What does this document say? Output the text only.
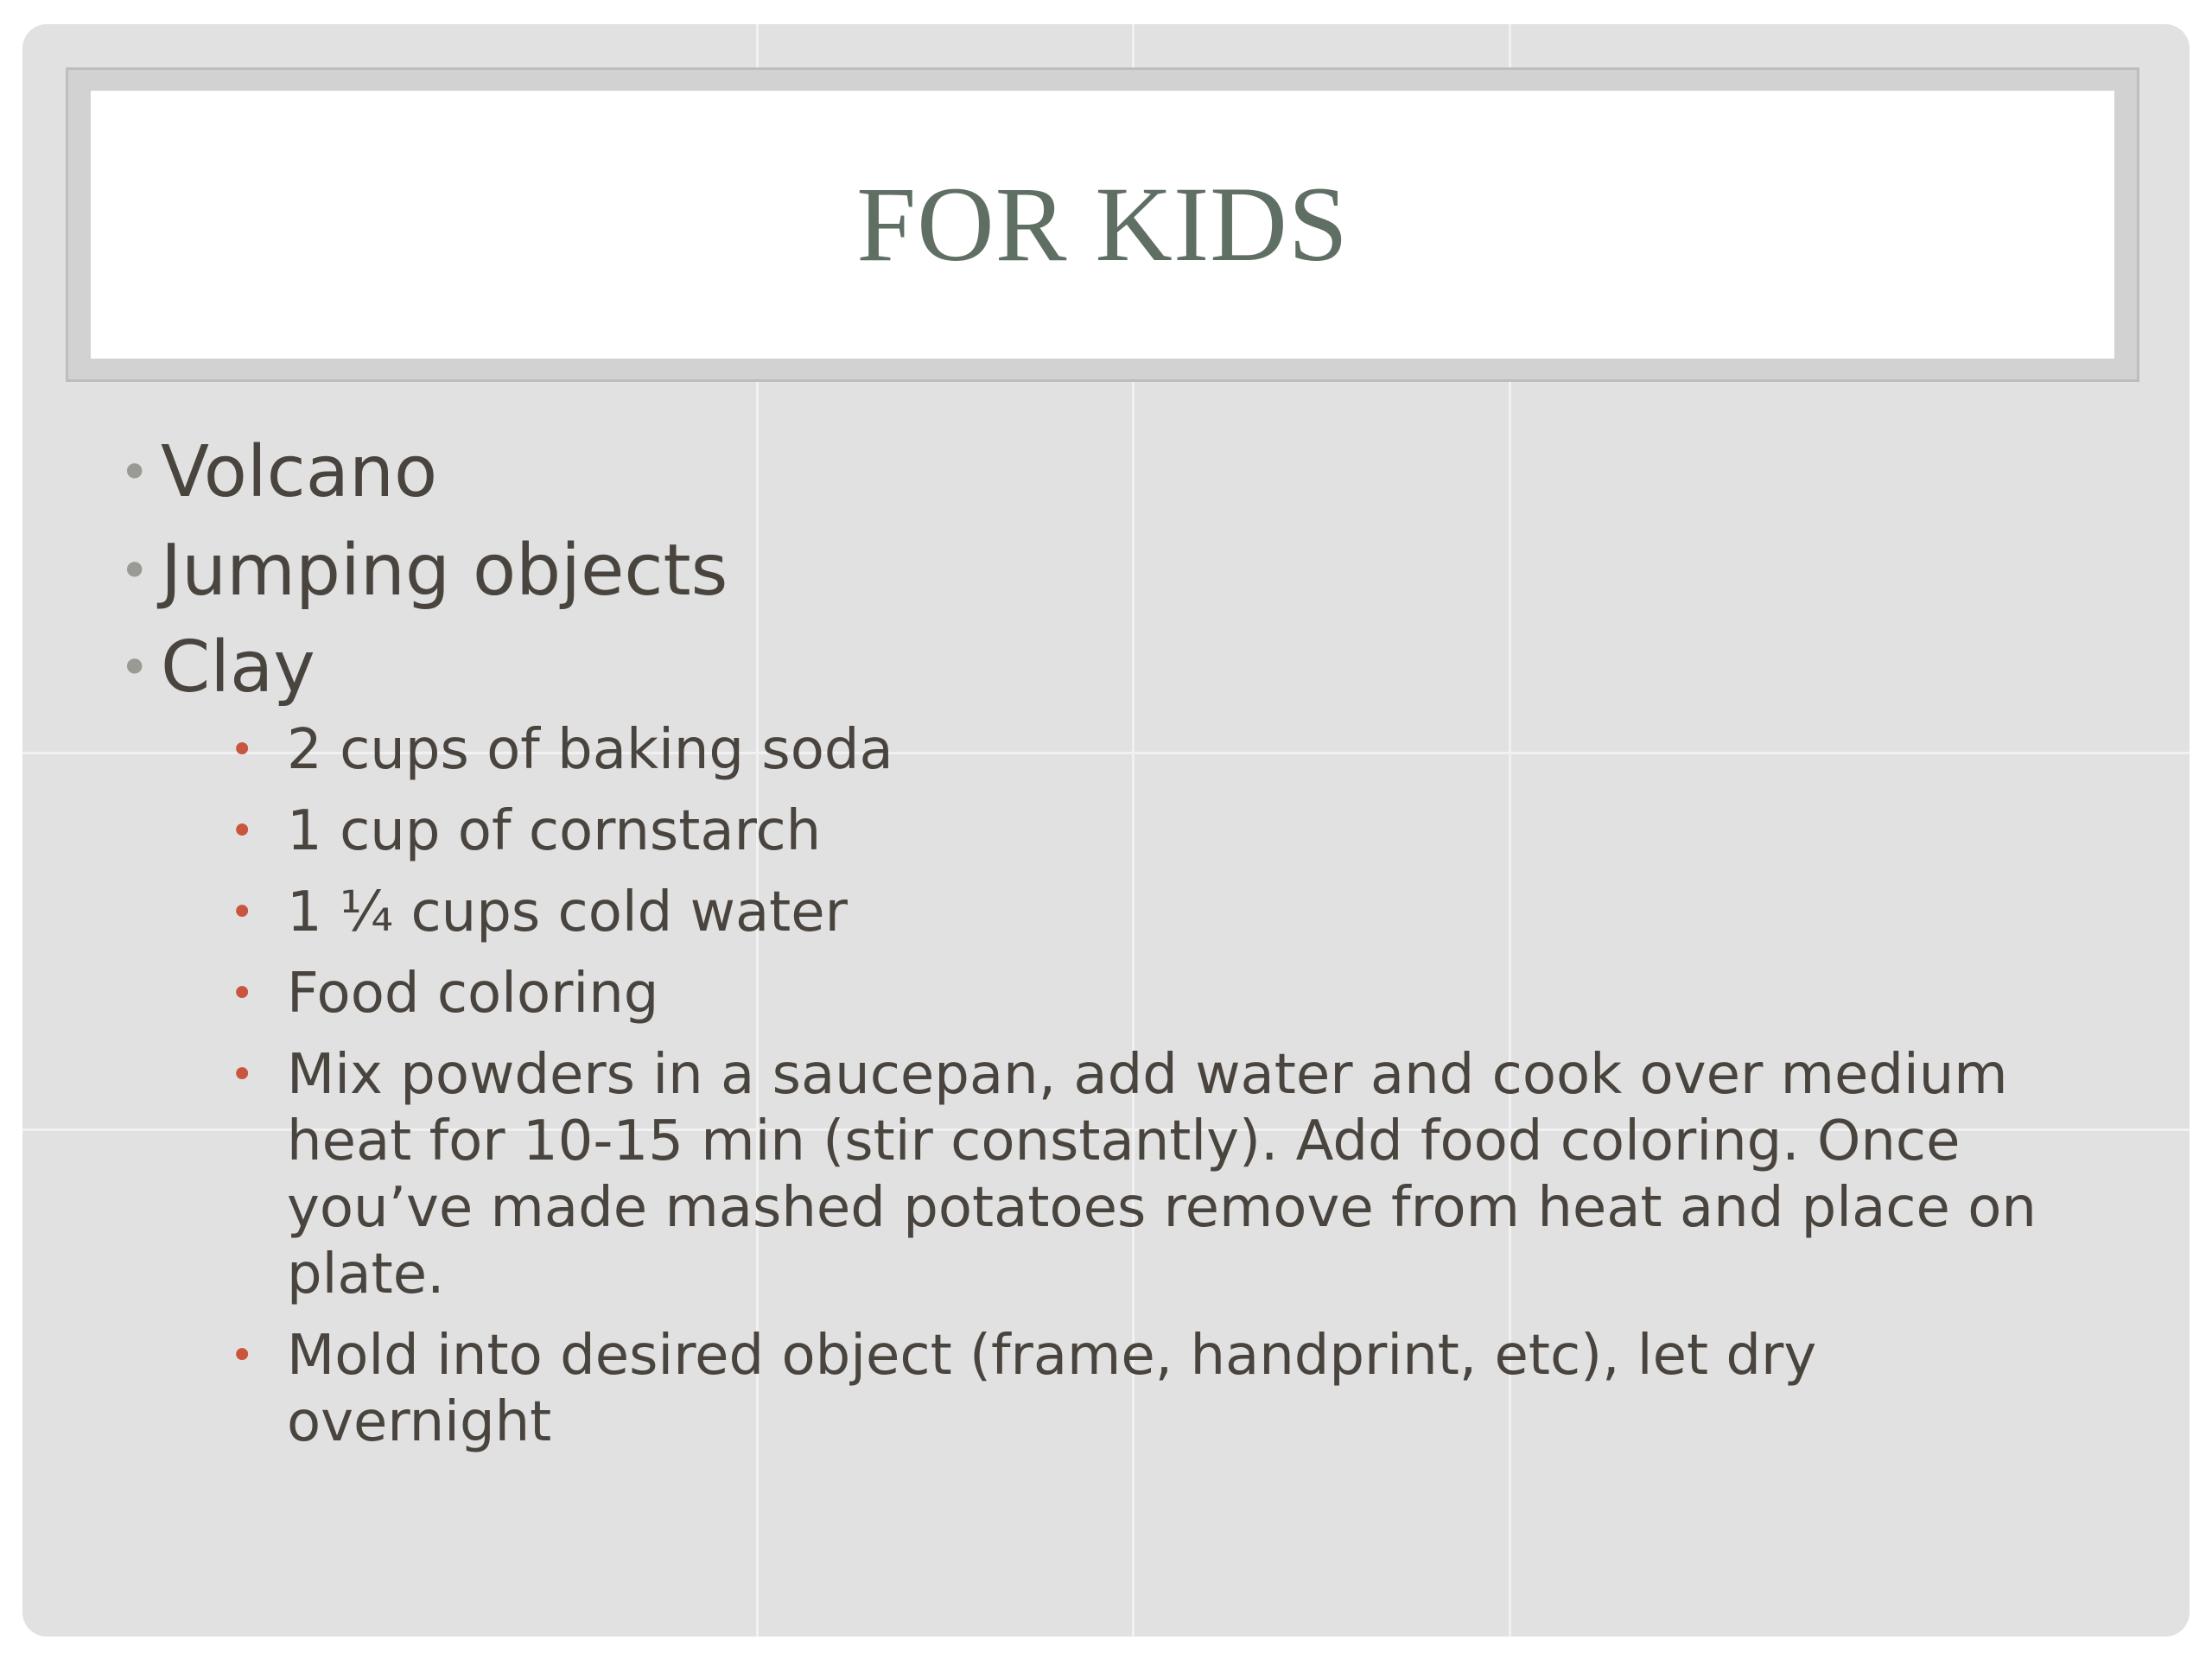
FOR KIDS
• Volcano
• Jumping objects
• Clay
• 2 cups of baking soda
• 1 cup of cornstarch
• 1 ¼ cups cold water
• Food coloring
• Mix powders in a saucepan, add water and cook over medium heat for 10-15 min (stir constantly). Add food coloring. Once you’ve made mashed potatoes remove from heat and place on plate.
• Mold into desired object (frame, handprint, etc), let dry overnight
